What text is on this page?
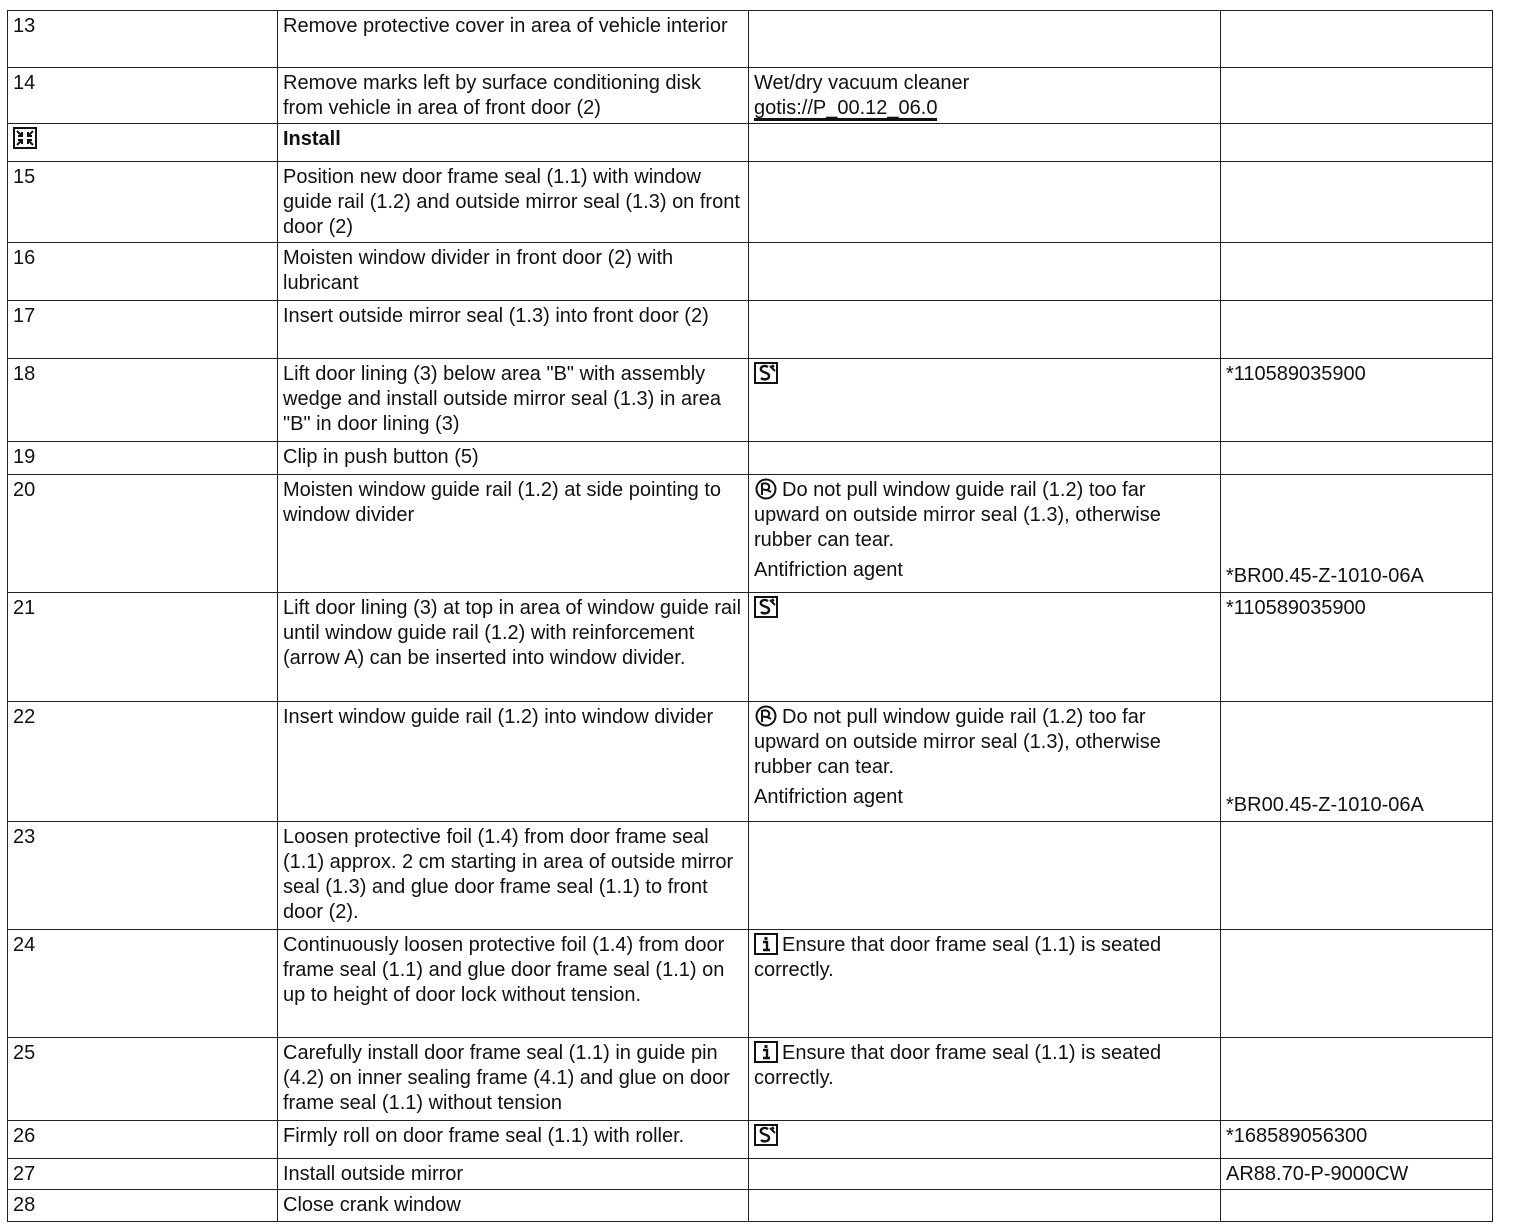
13	Remove protective cover in area of vehicle interior		
14	Remove marks left by surface conditioning disk from vehicle in area of front door (2)	Wet/dry vacuum cleaner
gotis://P_00.12_06.0	

	Install		
15	Position new door frame seal (1.1) with window guide rail (1.2) and outside mirror seal (1.3) on front door (2)		
16	Moisten window divider in front door (2) with lubricant		
17	Insert outside mirror seal (1.3) into front door (2)		
18	Lift door lining (3) below area "B" with assembly wedge and install outside mirror seal (1.3) in area "B" in door lining (3)		*110589035900
19	Clip in push button (5)		
20	Moisten window guide rail (1.2) at side pointing to window divider	Do not pull window guide rail (1.2) too far upward on outside mirror seal (1.3), otherwise rubber can tear.
Antifriction agent	*BR00.45-Z-1010-06A
21	Lift door lining (3) at top in area of window guide rail until window guide rail (1.2) with reinforcement (arrow A) can be inserted into window divider.		*110589035900
22	Insert window guide rail (1.2) into window divider	Do not pull window guide rail (1.2) too far upward on outside mirror seal (1.3), otherwise rubber can tear.
Antifriction agent	*BR00.45-Z-1010-06A
23	Loosen protective foil (1.4) from door frame seal (1.1) approx. 2 cm starting in area of outside mirror seal (1.3) and glue door frame seal (1.1) to front door (2).		
24	Continuously loosen protective foil (1.4) from door frame seal (1.1) and glue door frame seal (1.1) on up to height of door lock without tension.	Ensure that door frame seal (1.1) is seated correctly.	
25	Carefully install door frame seal (1.1) in guide pin (4.2) on inner sealing frame (4.1) and glue on door frame seal (1.1) without tension	Ensure that door frame seal (1.1) is seated correctly.	
26	Firmly roll on door frame seal (1.1) with roller.		*168589056300
27	Install outside mirror		AR88.70-P-9000CW
28	Close crank window		
